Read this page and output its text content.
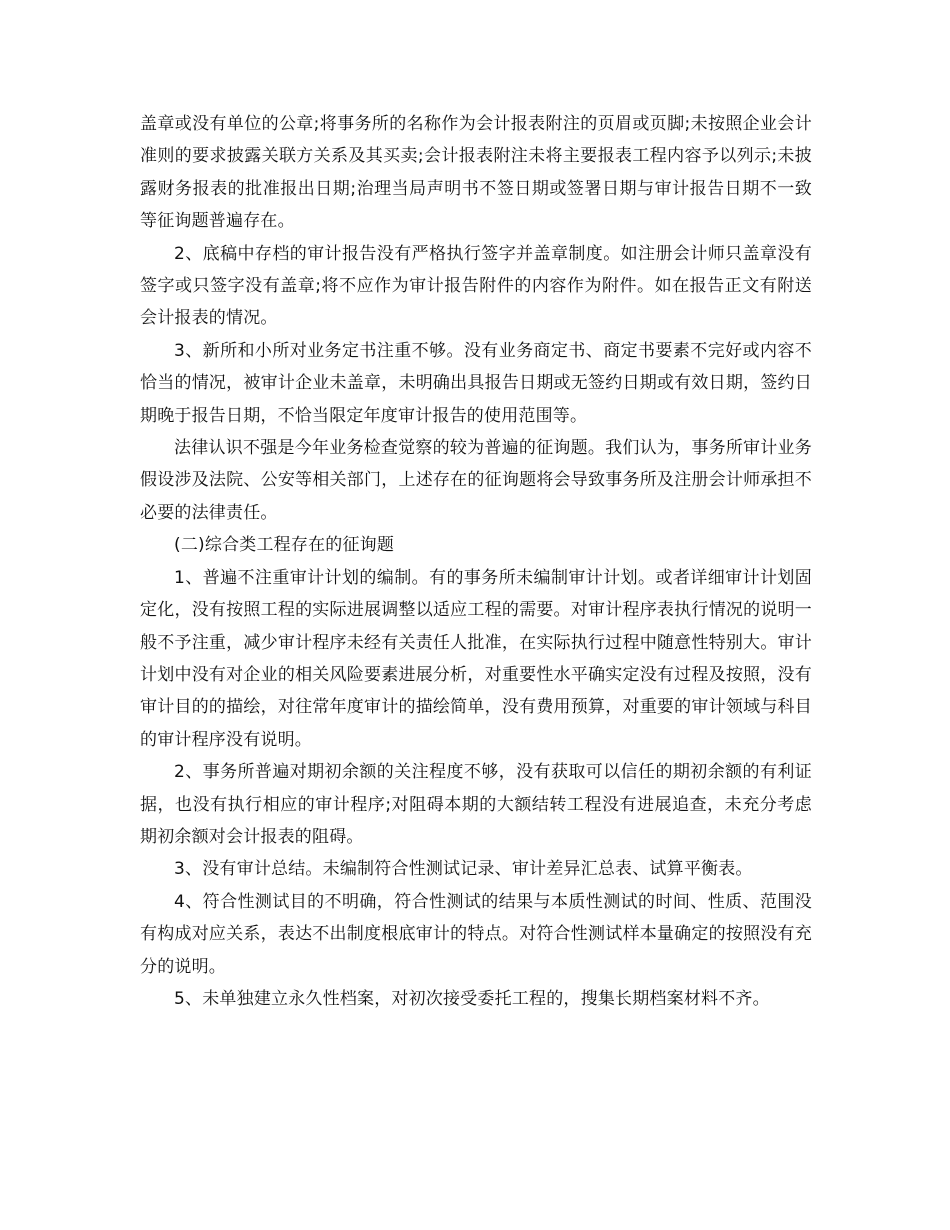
盖章或没有单位的公章;将事务所的名称作为会计报表附注的页眉或页脚;未按照企业会计准则的要求披露关联方关系及其买卖;会计报表附注未将主要报表工程内容予以列示;未披露财务报表的批准报出日期;治理当局声明书不签日期或签署日期与审计报告日期不一致等征询题普遍存在。

2、底稿中存档的审计报告没有严格执行签字并盖章制度。如注册会计师只盖章没有签字或只签字没有盖章;将不应作为审计报告附件的内容作为附件。如在报告正文有附送会计报表的情况。

3、新所和小所对业务定书注重不够。没有业务商定书、商定书要素不完好或内容不恰当的情况，被审计企业未盖章，未明确出具报告日期或无签约日期或有效日期，签约日期晚于报告日期，不恰当限定年度审计报告的使用范围等。

法律认识不强是今年业务检查觉察的较为普遍的征询题。我们认为，事务所审计业务假设涉及法院、公安等相关部门，上述存在的征询题将会导致事务所及注册会计师承担不必要的法律责任。

(二)综合类工程存在的征询题

1、普遍不注重审计计划的编制。有的事务所未编制审计计划。或者详细审计计划固定化，没有按照工程的实际进展调整以适应工程的需要。对审计程序表执行情况的说明一般不予注重，减少审计程序未经有关责任人批准，在实际执行过程中随意性特别大。审计计划中没有对企业的相关风险要素进展分析，对重要性水平确实定没有过程及按照，没有审计目的的描绘，对往常年度审计的描绘简单，没有费用预算，对重要的审计领域与科目的审计程序没有说明。

2、事务所普遍对期初余额的关注程度不够，没有获取可以信任的期初余额的有利证据，也没有执行相应的审计程序;对阻碍本期的大额结转工程没有进展追查，未充分考虑期初余额对会计报表的阻碍。

3、没有审计总结。未编制符合性测试记录、审计差异汇总表、试算平衡表。

4、符合性测试目的不明确，符合性测试的结果与本质性测试的时间、性质、范围没有构成对应关系，表达不出制度根底审计的特点。对符合性测试样本量确定的按照没有充分的说明。

5、未单独建立永久性档案，对初次接受委托工程的，搜集长期档案材料不齐。
